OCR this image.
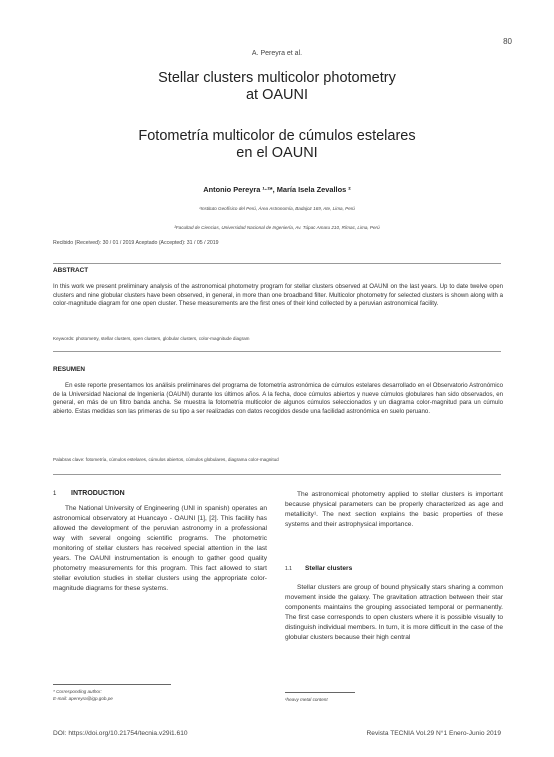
80
A. Pereyra et al.
Stellar clusters multicolor photometry
at OAUNI
Fotometría multicolor de cúmulos estelares
en el OAUNI
Antonio Pereyra ¹·²*, María Isela Zevallos ²
¹Instituto Geofísico del Perú, Área Astronomía, Badajoz 169, Ate, Lima, Perú
²Facultad de Ciencias, Universidad Nacional de Ingeniería, Av. Túpac Amaru 210, Rímac, Lima, Perú
Recibido (Received): 30 / 01 / 2019 Aceptado (Accepted): 31 / 05 / 2019
ABSTRACT
In this work we present preliminary analysis of the astronomical photometry program for stellar clusters observed at OAUNI on the last years. Up to date twelve open clusters and nine globular clusters have been observed, in general, in more than one broadband filter. Multicolor photometry for selected clusters is shown along with a color-magnitude diagram for one open cluster. These measurements are the first ones of their kind collected by a peruvian astronomical facility.
Keywords: photometry, stellar clusters, open clusters, globular clusters, color-magnitude diagram
RESUMEN
En este reporte presentamos los análisis preliminares del programa de fotometría astronómica de cúmulos estelares desarrollado en el Observatorio Astronómico de la Universidad Nacional de Ingeniería (OAUNI) durante los últimos años. A la fecha, doce cúmulos abiertos y nueve cúmulos globulares han sido observados, en general, en más de un filtro banda ancha. Se muestra la fotometría multicolor de algunos cúmulos seleccionados y un diagrama color-magnitud para un cúmulo abierto. Estas medidas son las primeras de su tipo a ser realizadas con datos recogidos desde una facilidad astronómica en suelo peruano.
Palabras clave: fotometría, cúmulos estelares, cúmulos abiertos, cúmulos globulares, diagrama color-magnitud
1 INTRODUCTION
The National University of Engineering (UNI in spanish) operates an astronomical observatory at Huancayo - OAUNI [1], [2]. This facility has allowed the development of the peruvian astronomy in a professional way with several ongoing scientific programs. The photometric monitoring of stellar clusters has received special attention in the last years. The OAUNI instrumentation is enough to gather good quality photometry measurements for this program. This fact allowed to start stellar evolution studies in stellar clusters using the appropriate color-magnitude diagrams for these systems.
The astronomical photometry applied to stellar clusters is important because physical parameters can be properly characterized as age and metallicity¹. The next section explains the basic properties of these systems and their astrophysical importance.
1.1 Stellar clusters
Stellar clusters are group of bound physically stars sharing a common movement inside the galaxy. The gravitation attraction between their star components maintains the grouping associated temporal or permanently. The first case corresponds to open clusters where it is possible visually to distinguish individual members. In turn, it is more difficult in the case of the globular clusters because their high central
* Corresponding author:
E-mail: apereyra@igp.gob.pe	¹heavy metal content
DOI: https://doi.org/10.21754/tecnia.v29i1.610	Revista TECNIA Vol.29 N°1 Enero-Junio 2019
